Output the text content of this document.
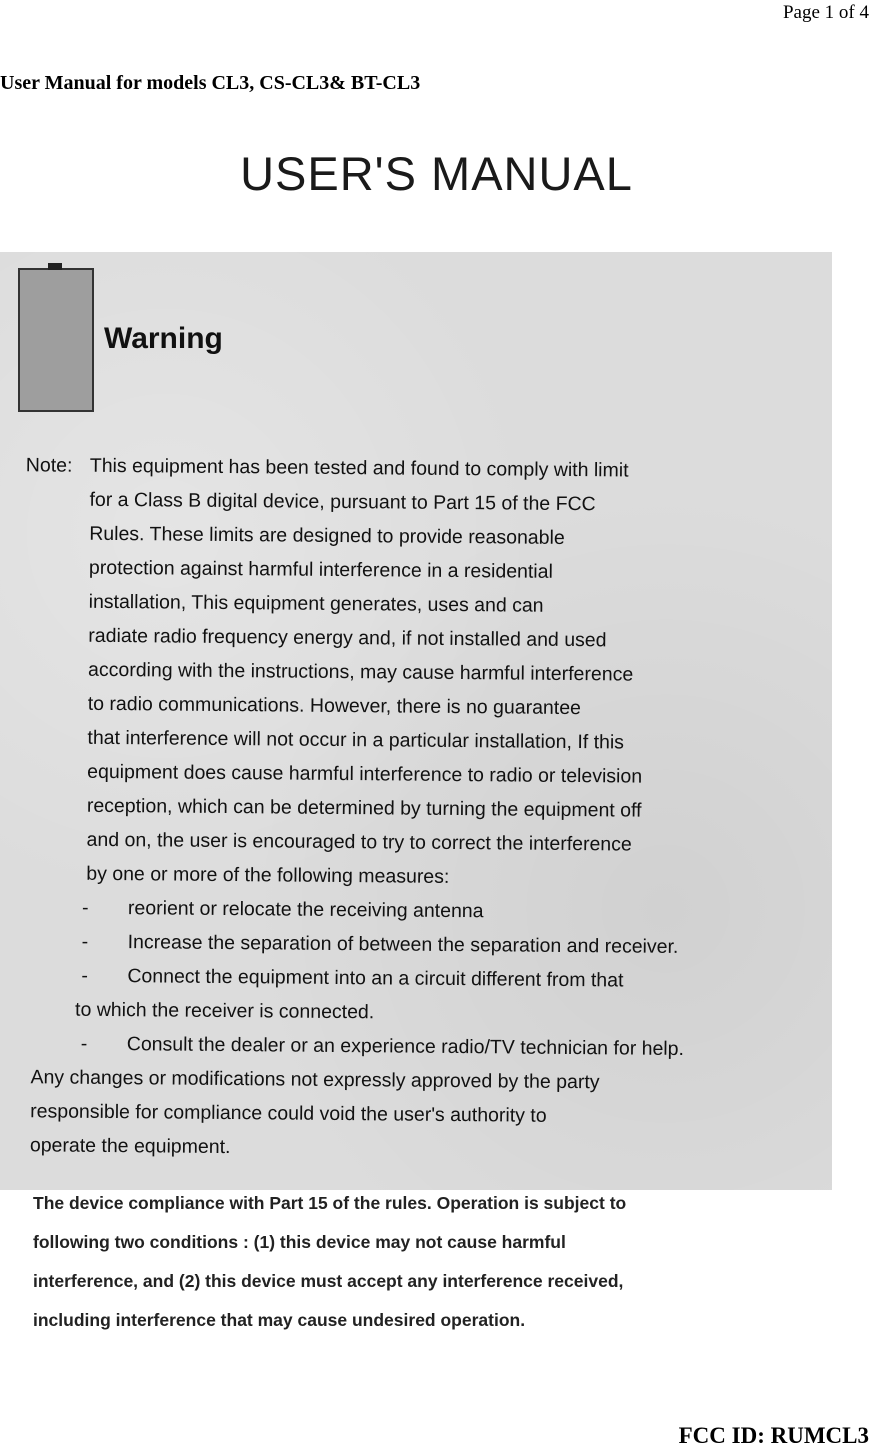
Page 1 of 4
User Manual for models CL3, CS-CL3& BT-CL3
USER'S MANUAL
Warning
Note: This equipment has been tested and found to comply with limit
for a Class B digital device, pursuant to Part 15 of the FCC
Rules. These limits are designed to provide reasonable
protection against harmful interference in a residential
installation, This equipment generates, uses and can
radiate radio frequency energy and, if not installed and used
according with the instructions, may cause harmful interference
to radio communications. However, there is no guarantee
that interference will not occur in a particular installation, If this
equipment does cause harmful interference to radio or television
reception, which can be determined by turning the equipment off
and on, the user is encouraged to try to correct the interference
by one or more of the following measures:
- reorient or relocate the receiving antenna
- Increase the separation of between the separation and receiver.
- Connect the equipment into an a circuit different from that
to which the receiver is connected.
- Consult the dealer or an experience radio/TV technician for help.
Any changes or modifications not expressly approved by the party
responsible for compliance could void the user's authority to
operate the equipment.
The device compliance with Part 15 of the rules. Operation is subject to
following two conditions : (1) this device may not cause harmful
interference, and (2) this device must accept any interference received,
including interference that may cause undesired operation.
FCC ID: RUMCL3
